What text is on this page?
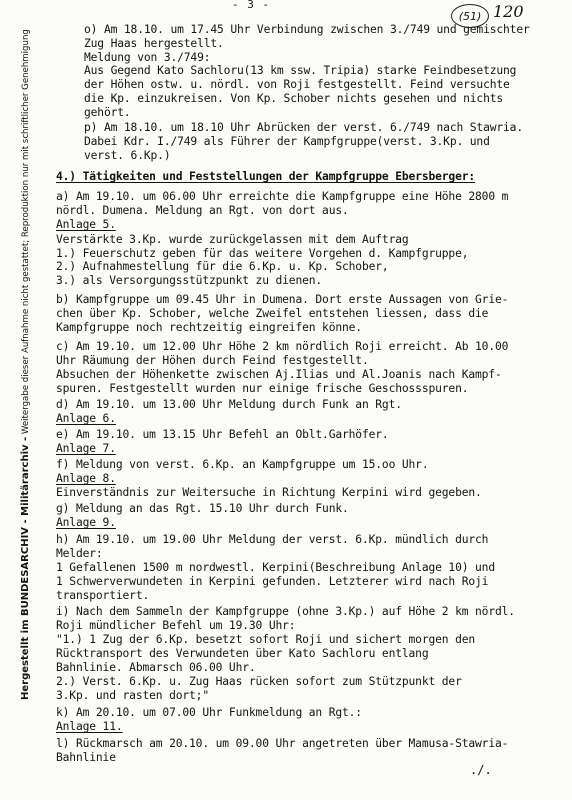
- 3 -
(51) 120
Hergestellt im BUNDESARCHIV - Militärarchiv - Weitergabe dieser Aufnahme nicht gestattet; Reproduktion nur mit schriftlicher Genehmigung	o) Am 18.10. um 17.45 Uhr Verbindung zwischen 3./749 und gemischter
Zug Haas hergestellt.
Meldung von 3./749:
Aus Gegend Kato Sachloru(13 km ssw. Tripia) starke Feindbesetzung
der Höhen ostw. u. nördl. von Roji festgestellt. Feind versuchte
die Kp. einzukreisen. Von Kp. Schober nichts gesehen und nichts
gehört.
p) Am 18.10. um 18.10 Uhr Abrücken der verst. 6./749 nach Stawria.
Dabei Kdr. I./749 als Führer der Kampfgruppe(verst. 3.Kp. und
verst. 6.Kp.)
4.) Tätigkeiten und Feststellungen der Kampfgruppe Ebersberger:
a) Am 19.10. um 06.00 Uhr erreichte die Kampfgruppe eine Höhe 2800 m
nördl. Dumena. Meldung an Rgt. von dort aus.
Anlage 5.
Verstärkte 3.Kp. wurde zurückgelassen mit dem Auftrag
1.) Feuerschutz geben für das weitere Vorgehen d. Kampfgruppe,
2.) Aufnahmestellung für die 6.Kp. u. Kp. Schober,
3.) als Versorgungsstützpunkt zu dienen.
b) Kampfgruppe um 09.45 Uhr in Dumena. Dort erste Aussagen von Grie-
chen über Kp. Schober, welche Zweifel entstehen liessen, dass die
Kampfgruppe noch rechtzeitig eingreifen könne.
c) Am 19.10. um 12.00 Uhr Höhe 2 km nördlich Roji erreicht. Ab 10.00
Uhr Räumung der Höhen durch Feind festgestellt.
Absuchen der Höhenkette zwischen Aj.Ilias und Al.Joanis nach Kampf-
spuren. Festgestellt wurden nur einige frische Geschossspuren.
d) Am 19.10. um 13.00 Uhr Meldung durch Funk an Rgt.
Anlage 6.
e) Am 19.10. um 13.15 Uhr Befehl an Oblt.Garhöfer.
Anlage 7.
f) Meldung von verst. 6.Kp. an Kampfgruppe um 15.oo Uhr.
Anlage 8.
Einverständnis zur Weitersuche in Richtung Kerpini wird gegeben.
g) Meldung an das Rgt. 15.10 Uhr durch Funk.
Anlage 9.
h) Am 19.10. um 19.00 Uhr Meldung der verst. 6.Kp. mündlich durch
Melder:
1 Gefallenen 1500 m nordwestl. Kerpini(Beschreibung Anlage 10) und
1 Schwerverwundeten in Kerpini gefunden. Letzterer wird nach Roji
transportiert.
i) Nach dem Sammeln der Kampfgruppe (ohne 3.Kp.) auf Höhe 2 km nördl.
Roji mündlicher Befehl um 19.30 Uhr:
"1.) 1 Zug der 6.Kp. besetzt sofort Roji und sichert morgen den
Rücktransport des Verwundeten über Kato Sachloru entlang
Bahnlinie. Abmarsch 06.00 Uhr.
2.) Verst. 6.Kp. u. Zug Haas rücken sofort zum Stützpunkt der
3.Kp. und rasten dort;"
k) Am 20.10. um 07.00 Uhr Funkmeldung an Rgt.:
Anlage 11.
l) Rückmarsch am 20.10. um 09.00 Uhr angetreten über Mamusa-Stawria-
Bahnlinie
./.
